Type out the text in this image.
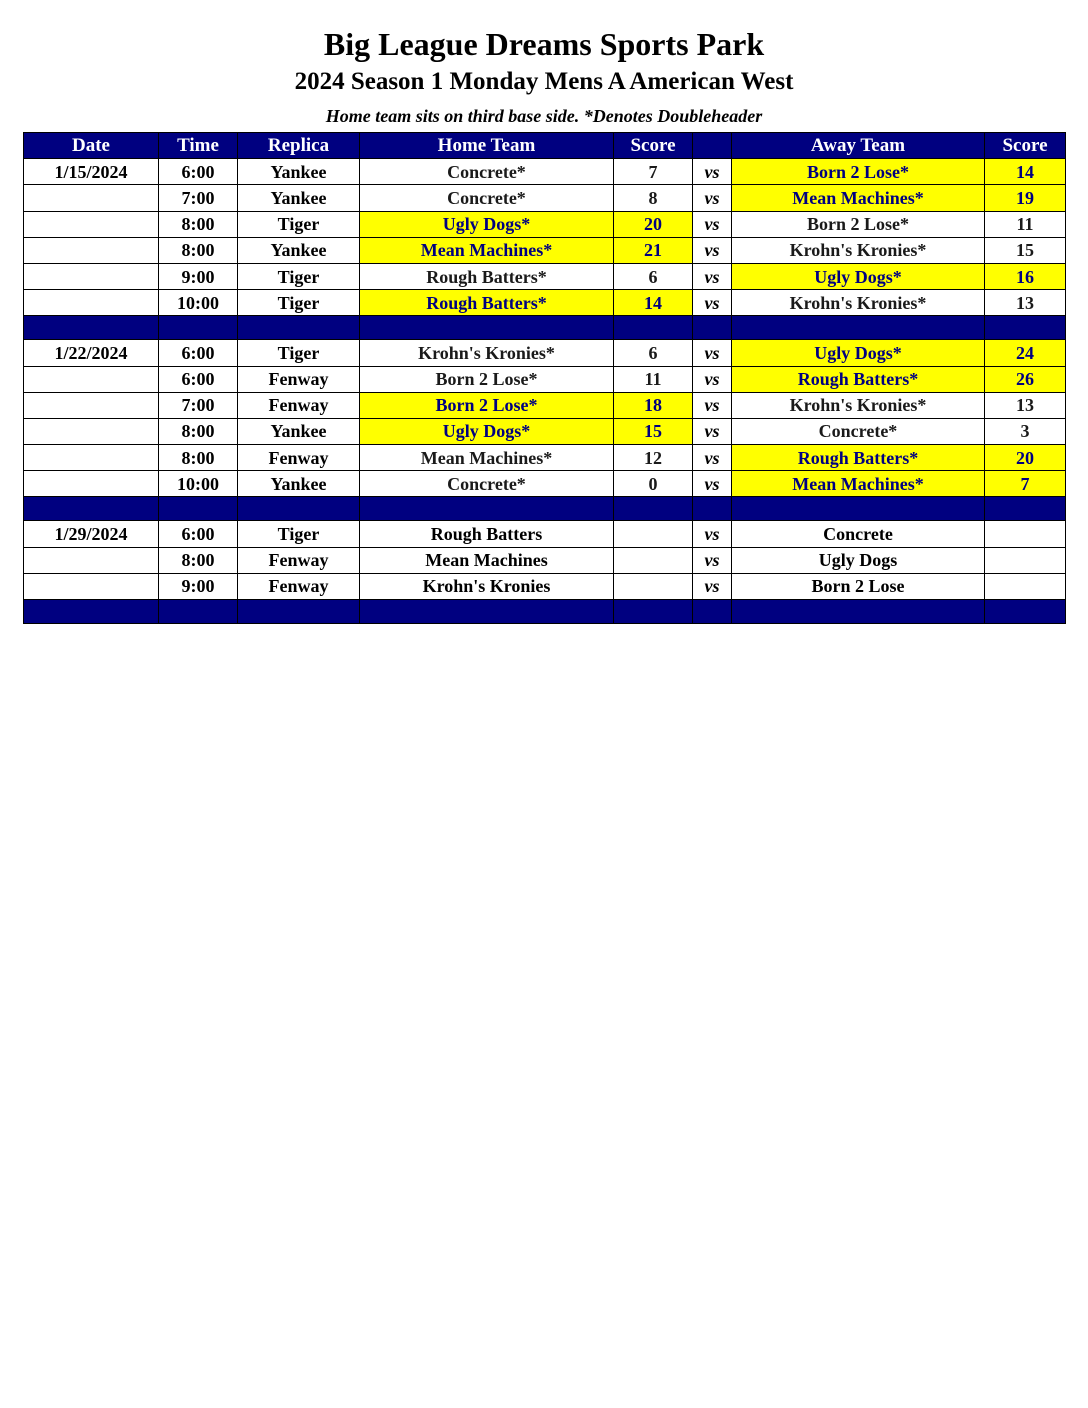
Big League Dreams Sports Park
2024 Season 1 Monday Mens A American West
Home team sits on third base side. *Denotes Doubleheader
Date	Time	Replica	Home Team	Score		Away Team	Score
1/15/2024	6:00	Yankee	Concrete*	7	vs	Born 2 Lose*	14
	7:00	Yankee	Concrete*	8	vs	Mean Machines*	19
	8:00	Tiger	Ugly Dogs*	20	vs	Born 2 Lose*	11
	8:00	Yankee	Mean Machines*	21	vs	Krohn's Kronies*	15
	9:00	Tiger	Rough Batters*	6	vs	Ugly Dogs*	16
	10:00	Tiger	Rough Batters*	14	vs	Krohn's Kronies*	13

1/22/2024	6:00	Tiger	Krohn's Kronies*	6	vs	Ugly Dogs*	24
	6:00	Fenway	Born 2 Lose*	11	vs	Rough Batters*	26
	7:00	Fenway	Born 2 Lose*	18	vs	Krohn's Kronies*	13
	8:00	Yankee	Ugly Dogs*	15	vs	Concrete*	3
	8:00	Fenway	Mean Machines*	12	vs	Rough Batters*	20
	10:00	Yankee	Concrete*	0	vs	Mean Machines*	7

1/29/2024	6:00	Tiger	Rough Batters		vs	Concrete	
	8:00	Fenway	Mean Machines		vs	Ugly Dogs	
	9:00	Fenway	Krohn's Kronies		vs	Born 2 Lose	
